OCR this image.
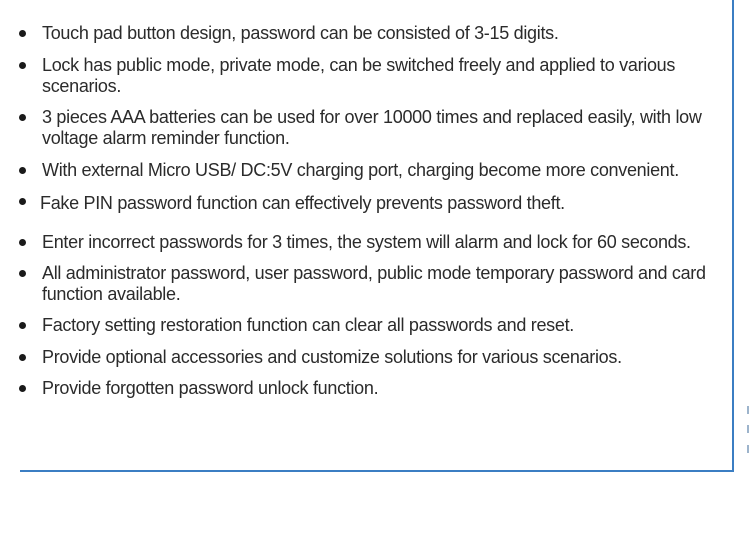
Touch pad button design, password can be consisted of 3-15 digits.
Lock has public mode, private mode, can be switched freely and applied to various scenarios.
3 pieces AAA batteries can be used for over 10000 times and replaced easily, with low voltage alarm reminder function.
With external Micro USB/ DC:5V charging port, charging become more convenient.
Fake PIN password function can effectively prevents password theft.
Enter incorrect passwords for 3 times, the system will alarm and lock for 60 seconds.
All administrator password, user password, public mode temporary password and card function available.
Factory setting restoration function can clear all passwords and reset.
Provide optional accessories and customize solutions for various scenarios.
Provide forgotten password unlock function.
